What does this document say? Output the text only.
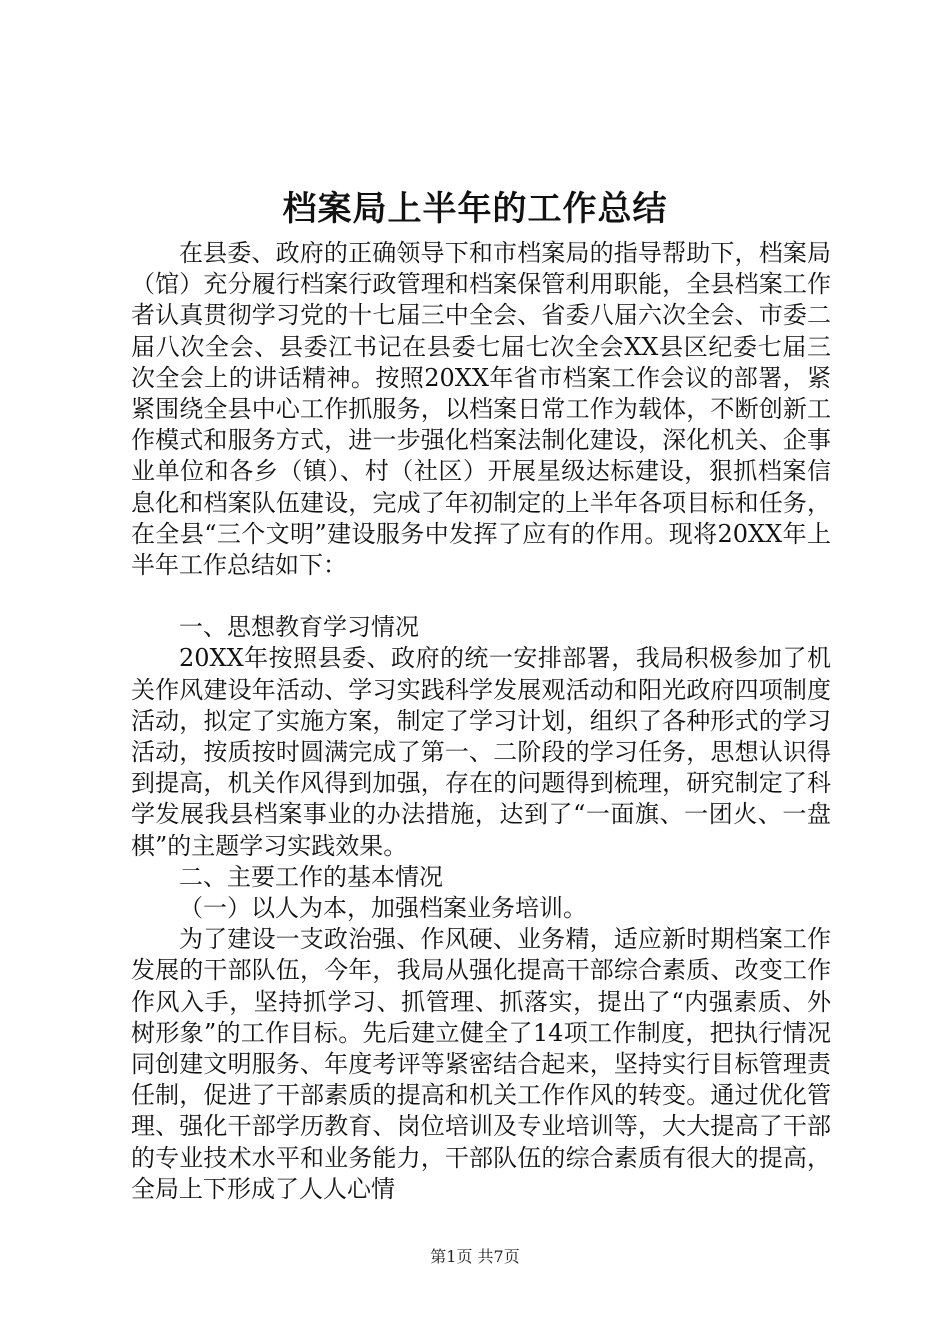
档案局上半年的工作总结

在县委、政府的正确领导下和市档案局的指导帮助下，档案局（馆）充分履行档案行政管理和档案保管利用职能，全县档案工作者认真贯彻学习党的十七届三中全会、省委八届六次全会、市委二届八次全会、县委江书记在县委七届七次全会XX县区纪委七届三次全会上的讲话精神。按照20XX年省市档案工作会议的部署，紧紧围绕全县中心工作抓服务，以档案日常工作为载体，不断创新工作模式和服务方式，进一步强化档案法制化建设，深化机关、企事业单位和各乡（镇）、村（社区）开展星级达标建设，狠抓档案信息化和档案队伍建设，完成了年初制定的上半年各项目标和任务，在全县“三个文明”建设服务中发挥了应有的作用。现将20XX年上半年工作总结如下：

一、思想教育学习情况

20XX年按照县委、政府的统一安排部署，我局积极参加了机关作风建设年活动、学习实践科学发展观活动和阳光政府四项制度活动，拟定了实施方案，制定了学习计划，组织了各种形式的学习活动，按质按时圆满完成了第一、二阶段的学习任务，思想认识得到提高，机关作风得到加强，存在的问题得到梳理，研究制定了科学发展我县档案事业的办法措施，达到了“一面旗、一团火、一盘棋”的主题学习实践效果。

二、主要工作的基本情况

（一）以人为本，加强档案业务培训。

为了建设一支政治强、作风硬、业务精，适应新时期档案工作发展的干部队伍，今年，我局从强化提高干部综合素质、改变工作作风入手，坚持抓学习、抓管理、抓落实，提出了“内强素质、外树形象”的工作目标。先后建立健全了14项工作制度，把执行情况同创建文明服务、年度考评等紧密结合起来，坚持实行目标管理责任制，促进了干部素质的提高和机关工作作风的转变。通过优化管理、强化干部学历教育、岗位培训及专业培训等，大大提高了干部的专业技术水平和业务能力，干部队伍的综合素质有很大的提高，全局上下形成了人人心情

第1页 共7页
